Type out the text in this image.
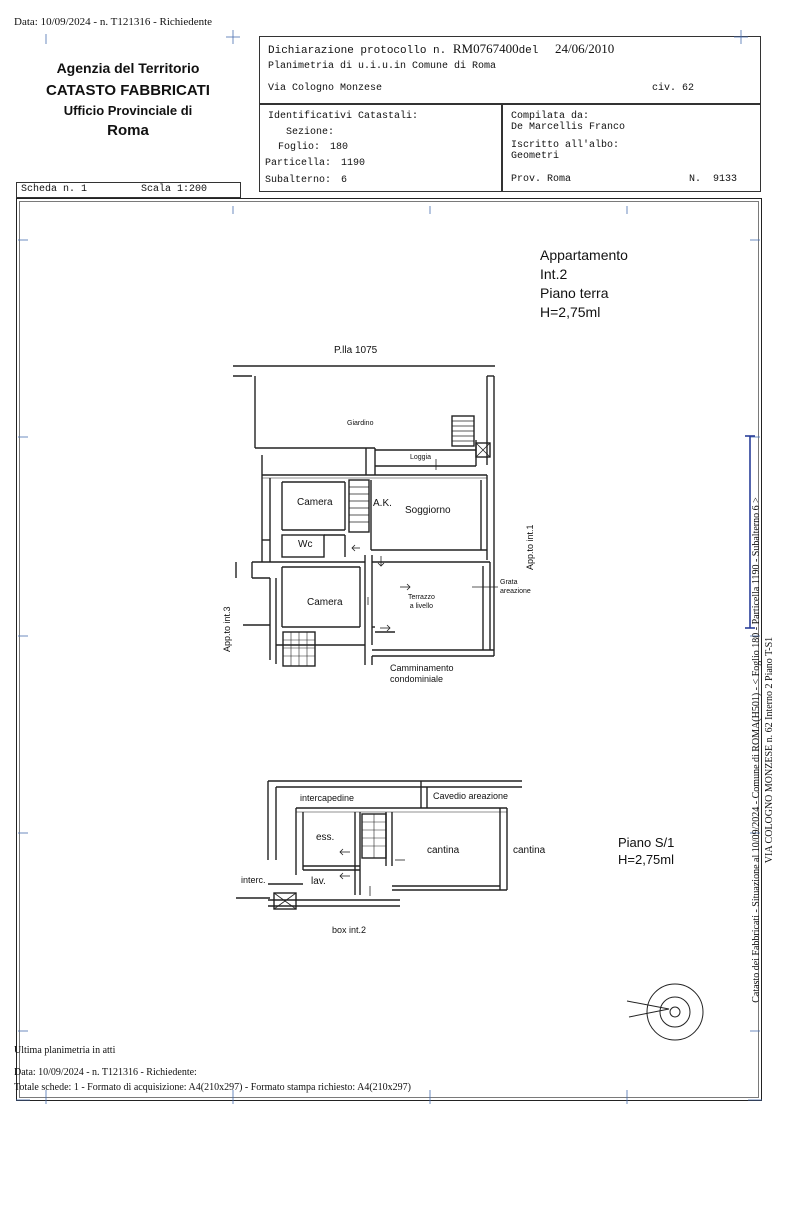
Data: 10/09/2024 - n. T121316 - Richiedente
Agenzia del Territorio
CATASTO FABBRICATI
Ufficio Provinciale di
Roma
Dichiarazione protocollo n. RM0767400del 24/06/2010
Planimetria di u.i.u.in Comune di Roma
Via Cologno Monzese	civ. 62
Identificativi Catastali:
Sezione:
Foglio: 180
Particella: 1190
Subalterno: 6
Compilata da:
De Marcellis Franco
Iscritto all'albo:
Geometri
Prov. Roma	N.  9133
Scheda n. 1	Scala 1:200
Appartamento
Int.2
Piano terra
H=2,75ml
P.lla 1075
Giardino
Loggia
Camera	A.K.
Soggiorno
Wc
Camera	Terrazzo
a livello
Grata
areazione
App.to int.1
App.to int.3
Camminamento
condominiale
intercapedine	Cavedio areazione
ess.
cantina	cantina
lav.
interc.
box int.2
Piano S/1
H=2,75ml	Catasto dei Fabbricati - Situazione al 10/09/2024 - Comune di ROMA(H501) - < Foglio 180 - Particella 1190 - Subalterno 6 > VIA COLOGNO MONZESE n. 62 Interno 2 Piano T-S1
Ultima planimetria in atti
Data: 10/09/2024 - n. T121316 - Richiedente:
Totale schede: 1 - Formato di acquisizione: A4(210x297) - Formato stampa richiesto: A4(210x297)
